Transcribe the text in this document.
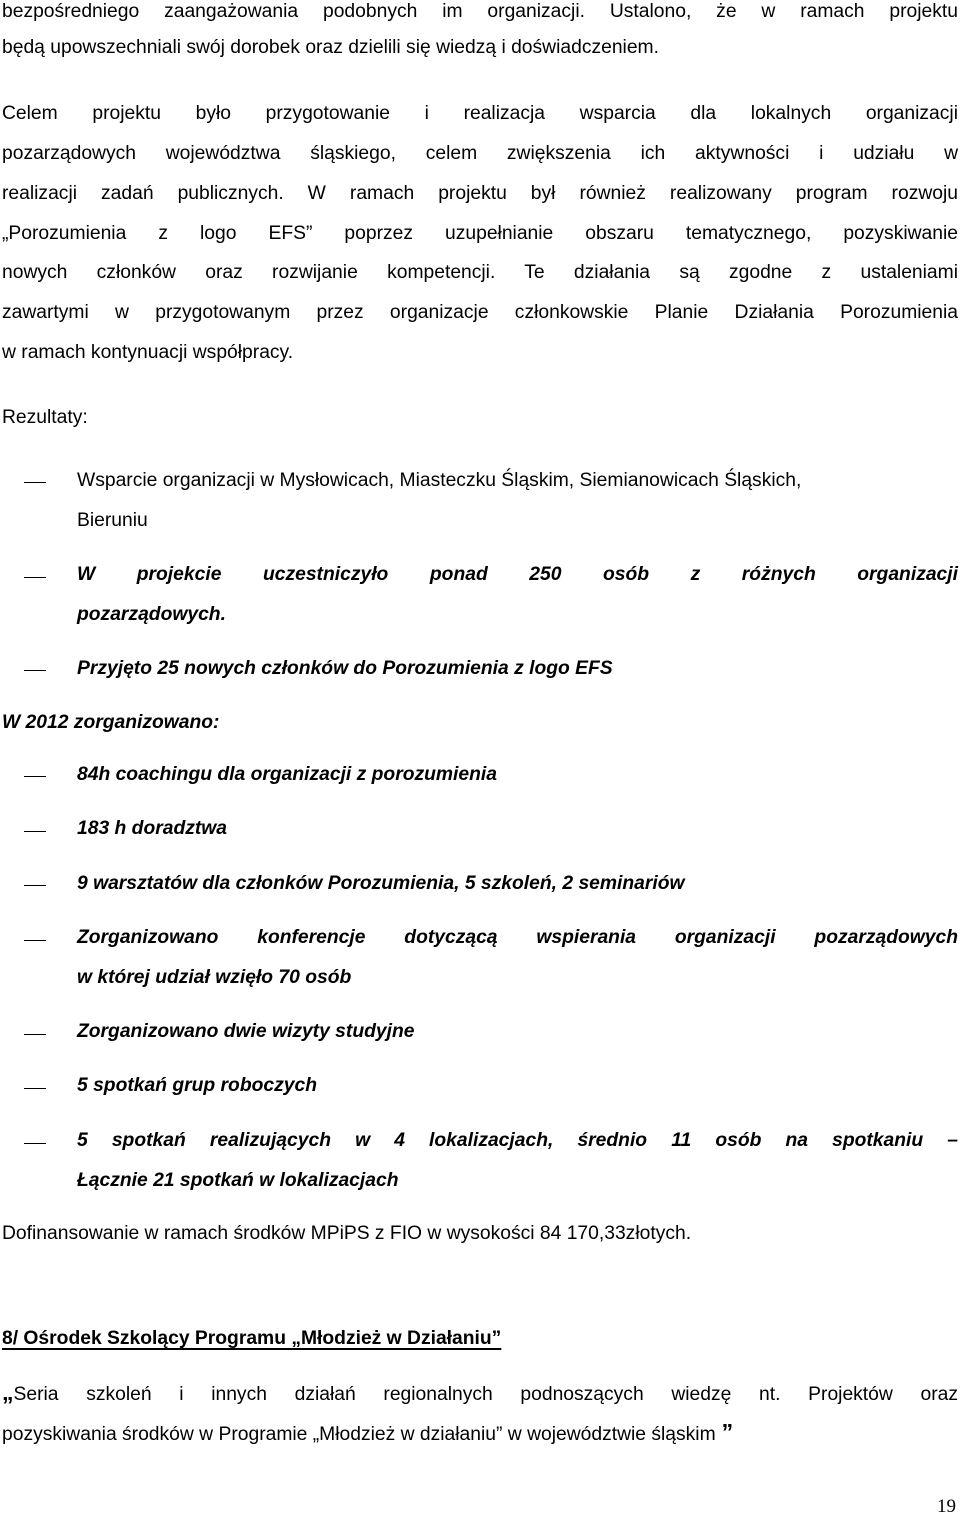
bezpośredniego zaangażowania podobnych im organizacji. Ustalono, że w ramach projektu
będą upowszechniali swój dorobek oraz dzielili się wiedzą i doświadczeniem.
Celem projektu było przygotowanie i realizacja wsparcia dla lokalnych organizacji
pozarządowych województwa śląskiego, celem zwiększenia ich aktywności i udziału w
realizacji zadań publicznych. W ramach projektu był również realizowany program rozwoju
„Porozumienia z logo EFS” poprzez uzupełnianie obszaru tematycznego, pozyskiwanie
nowych członków oraz rozwijanie kompetencji. Te działania są zgodne z ustaleniami
zawartymi w przygotowanym przez organizacje członkowskie Planie Działania Porozumienia
w ramach kontynuacji współpracy.
Rezultaty:
Wsparcie organizacji w Mysłowicach, Miasteczku Śląskim, Siemianowicach Śląskich,
Bieruniu
W projekcie uczestniczyło ponad 250 osób z różnych organizacji
pozarządowych.
Przyjęto 25 nowych członków do Porozumienia z logo EFS
W 2012 zorganizowano:
84h coachingu dla organizacji z porozumienia
183 h doradztwa
9 warsztatów dla członków Porozumienia, 5 szkoleń, 2 seminariów
Zorganizowano konferencje dotyczącą wspierania organizacji pozarządowych
w której udział wzięło 70 osób
Zorganizowano dwie wizyty studyjne
5 spotkań grup roboczych
5 spotkań realizujących w 4 lokalizacjach, średnio 11 osób na spotkaniu –
Łącznie 21 spotkań w lokalizacjach
Dofinansowanie w ramach środków MPiPS z FIO w wysokości 84 170,33złotych.
8/ Ośrodek Szkolący Programu „Młodzież w Działaniu”
„ Seria szkoleń i innych działań regionalnych podnoszących wiedzę nt. Projektów oraz
pozyskiwania środków w Programie „Młodzież w działaniu” w województwie śląskim ”
19
